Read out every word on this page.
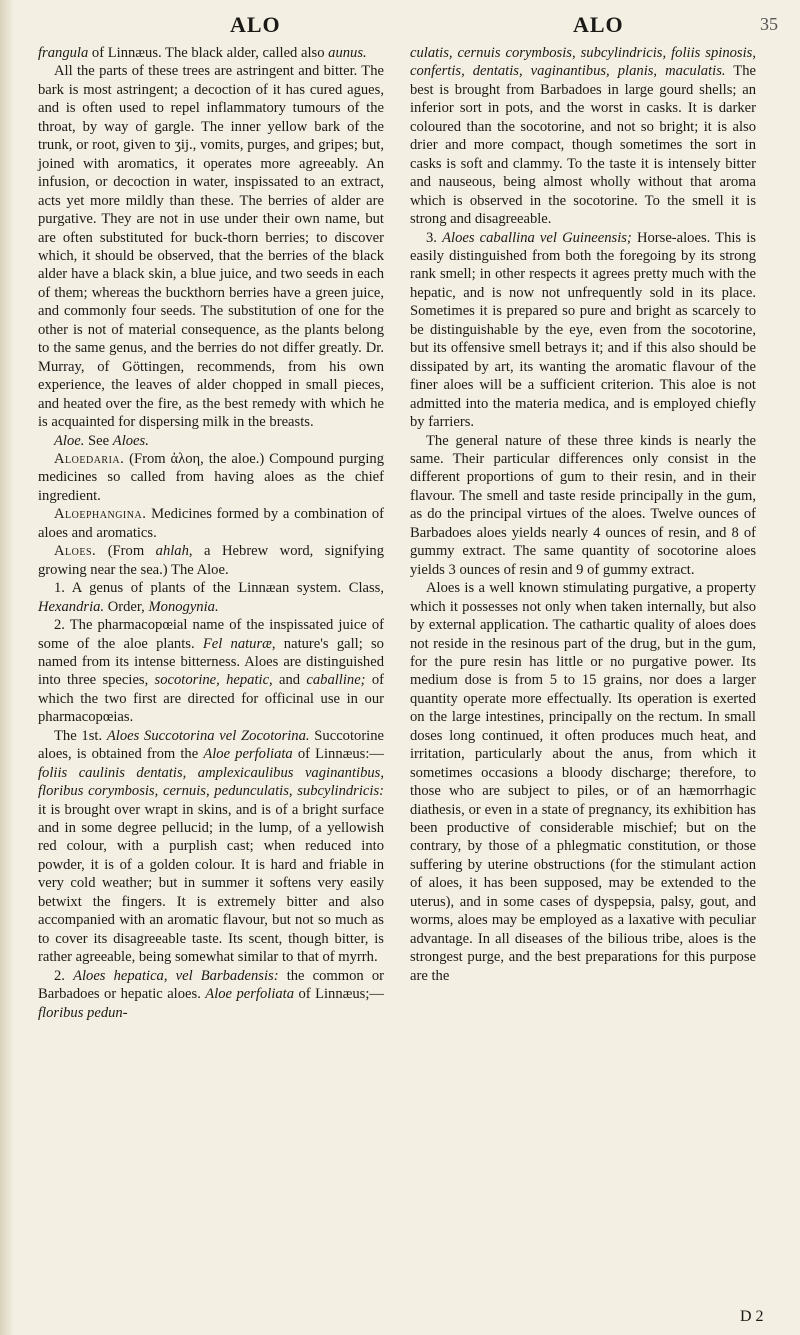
ALO	ALO	35

frangula of Linnæus. The black alder, called also aunus.

All the parts of these trees are astringent and bitter. The bark is most astringent; a decoction of it has cured agues, and is often used to repel inflammatory tumours of the throat, by way of gargle. The inner yellow bark of the trunk, or root, given to ʒij., vomits, purges, and gripes; but, joined with aromatics, it operates more agreeably. An infusion, or decoction in water, inspissated to an extract, acts yet more mildly than these. The berries of alder are purgative. They are not in use under their own name, but are often substituted for buck-thorn berries; to discover which, it should be observed, that the berries of the black alder have a black skin, a blue juice, and two seeds in each of them; whereas the buckthorn berries have a green juice, and commonly four seeds. The substitution of one for the other is not of material consequence, as the plants belong to the same genus, and the berries do not differ greatly. Dr. Murray, of Göttingen, recommends, from his own experience, the leaves of alder chopped in small pieces, and heated over the fire, as the best remedy with which he is acquainted for dispersing milk in the breasts.

Aloe. See Aloes.

Aloedaria. (From ἀλοη, the aloe.) Compound purging medicines so called from having aloes as the chief ingredient.

Aloephangina. Medicines formed by a combination of aloes and aromatics.

Aloes. (From ahlah, a Hebrew word, signifying growing near the sea.) The Aloe.

1. A genus of plants of the Linnæan system. Class, Hexandria. Order, Monogynia.

2. The pharmacopœial name of the inspissated juice of some of the aloe plants. Fel naturæ, nature's gall; so named from its intense bitterness. Aloes are distinguished into three species, socotorine, hepatic, and caballine; of which the two first are directed for officinal use in our pharmacopœias.

The 1st. Aloes Succotorina vel Zocotorina. Succotorine aloes, is obtained from the Aloe perfoliata of Linnæus:—foliis caulinis dentatis, amplexicaulibus vaginantibus, floribus corymbosis, cernuis, pedunculatis, subcylindricis: it is brought over wrapt in skins, and is of a bright surface and in some degree pellucid; in the lump, of a yellowish red colour, with a purplish cast; when reduced into powder, it is of a golden colour. It is hard and friable in very cold weather; but in summer it softens very easily betwixt the fingers. It is extremely bitter and also accompanied with an aromatic flavour, but not so much as to cover its disagreeable taste. Its scent, though bitter, is rather agreeable, being somewhat similar to that of myrrh.

2. Aloes hepatica, vel Barbadensis: the common or Barbadoes or hepatic aloes. Aloe perfoliata of Linnæus;—floribus pedun-

culatis, cernuis corymbosis, subcylindricis, foliis spinosis, confertis, dentatis, vaginantibus, planis, maculatis. The best is brought from Barbadoes in large gourd shells; an inferior sort in pots, and the worst in casks. It is darker coloured than the socotorine, and not so bright; it is also drier and more compact, though sometimes the sort in casks is soft and clammy. To the taste it is intensely bitter and nauseous, being almost wholly without that aroma which is observed in the socotorine. To the smell it is strong and disagreeable.

3. Aloes caballina vel Guineensis; Horse-aloes. This is easily distinguished from both the foregoing by its strong rank smell; in other respects it agrees pretty much with the hepatic, and is now not unfrequently sold in its place. Sometimes it is prepared so pure and bright as scarcely to be distinguishable by the eye, even from the socotorine, but its offensive smell betrays it; and if this also should be dissipated by art, its wanting the aromatic flavour of the finer aloes will be a sufficient criterion. This aloe is not admitted into the materia medica, and is employed chiefly by farriers.

The general nature of these three kinds is nearly the same. Their particular differences only consist in the different proportions of gum to their resin, and in their flavour. The smell and taste reside principally in the gum, as do the principal virtues of the aloes. Twelve ounces of Barbadoes aloes yields nearly 4 ounces of resin, and 8 of gummy extract. The same quantity of socotorine aloes yields 3 ounces of resin and 9 of gummy extract.

Aloes is a well known stimulating purgative, a property which it possesses not only when taken internally, but also by external application. The cathartic quality of aloes does not reside in the resinous part of the drug, but in the gum, for the pure resin has little or no purgative power. Its medium dose is from 5 to 15 grains, nor does a larger quantity operate more effectually. Its operation is exerted on the large intestines, principally on the rectum. In small doses long continued, it often produces much heat, and irritation, particularly about the anus, from which it sometimes occasions a bloody discharge; therefore, to those who are subject to piles, or of an hæmorrhagic diathesis, or even in a state of pregnancy, its exhibition has been productive of considerable mischief; but on the contrary, by those of a phlegmatic constitution, or those suffering by uterine obstructions (for the stimulant action of aloes, it has been supposed, may be extended to the uterus), and in some cases of dyspepsia, palsy, gout, and worms, aloes may be employed as a laxative with peculiar advantage. In all diseases of the bilious tribe, aloes is the strongest purge, and the best preparations for this purpose are the

D 2
